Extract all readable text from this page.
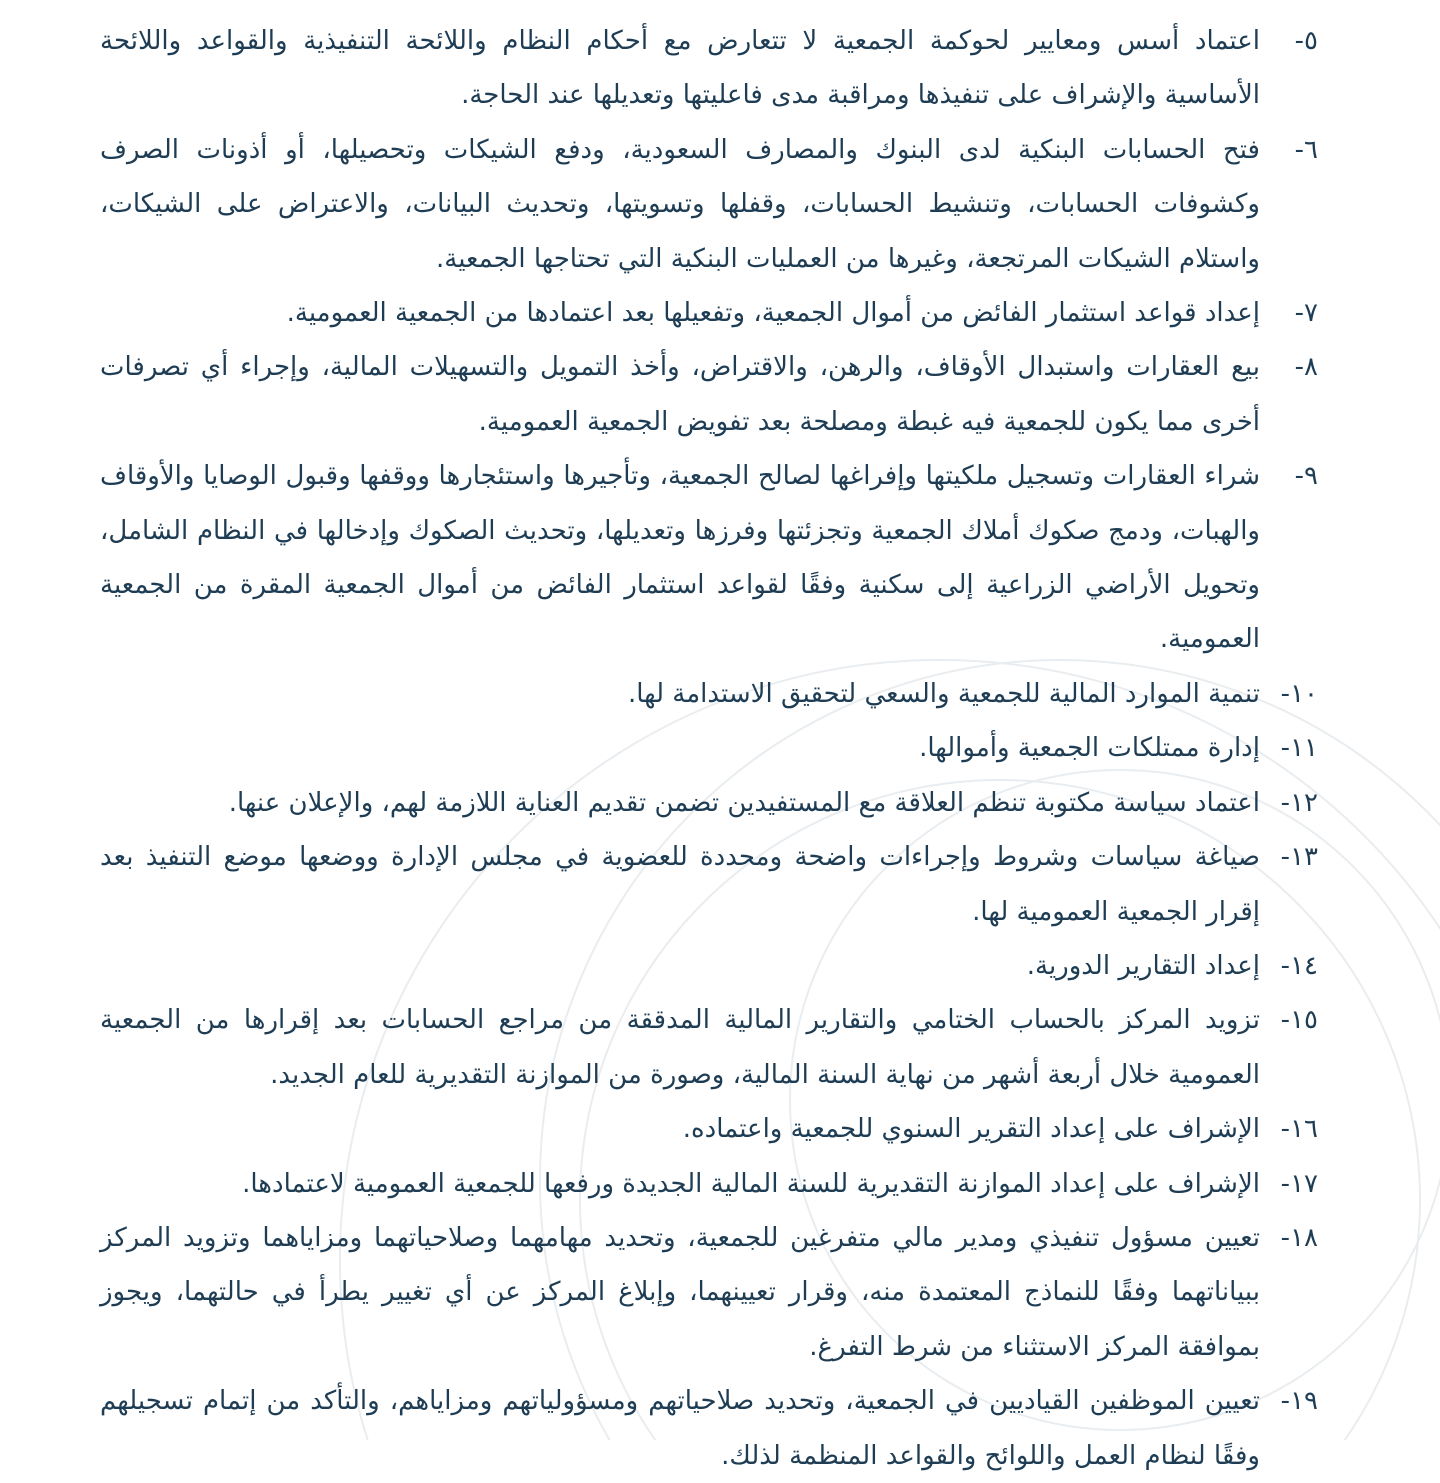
٥-
اعتماد أسس ومعايير لحوكمة الجمعية لا تتعارض مع أحكام النظام واللائحة التنفيذية والقواعد واللائحة الأساسية والإشراف على تنفيذها ومراقبة مدى فاعليتها وتعديلها عند الحاجة.
٦-
فتح الحسابات البنكية لدى البنوك والمصارف السعودية، ودفع الشيكات وتحصيلها، أو أذونات الصرف وكشوفات الحسابات، وتنشيط الحسابات، وقفلها وتسويتها، وتحديث البيانات، والاعتراض على الشيكات، واستلام الشيكات المرتجعة، وغيرها من العمليات البنكية التي تحتاجها الجمعية.
٧-
إعداد قواعد استثمار الفائض من أموال الجمعية، وتفعيلها بعد اعتمادها من الجمعية العمومية.
٨-
بيع العقارات واستبدال الأوقاف، والرهن، والاقتراض، وأخذ التمويل والتسهيلات المالية، وإجراء أي تصرفات أخرى مما يكون للجمعية فيه غبطة ومصلحة بعد تفويض الجمعية العمومية.
٩-
شراء العقارات وتسجيل ملكيتها وإفراغها لصالح الجمعية، وتأجيرها واستئجارها ووقفها وقبول الوصايا والأوقاف والهبات، ودمج صكوك أملاك الجمعية وتجزئتها وفرزها وتعديلها، وتحديث الصكوك وإدخالها في النظام الشامل، وتحويل الأراضي الزراعية إلى سكنية وفقًا لقواعد استثمار الفائض من أموال الجمعية المقرة من الجمعية العمومية.
١٠-
تنمية الموارد المالية للجمعية والسعي لتحقيق الاستدامة لها.
١١-
إدارة ممتلكات الجمعية وأموالها.
١٢-
اعتماد سياسة مكتوبة تنظم العلاقة مع المستفيدين تضمن تقديم العناية اللازمة لهم، والإعلان عنها.
١٣-
صياغة سياسات وشروط وإجراءات واضحة ومحددة للعضوية في مجلس الإدارة ووضعها موضع التنفيذ بعد إقرار الجمعية العمومية لها.
١٤-
إعداد التقارير الدورية.
١٥-
تزويد المركز بالحساب الختامي والتقارير المالية المدققة من مراجع الحسابات بعد إقرارها من الجمعية العمومية خلال أربعة أشهر من نهاية السنة المالية، وصورة من الموازنة التقديرية للعام الجديد.
١٦-
الإشراف على إعداد التقرير السنوي للجمعية واعتماده.
١٧-
الإشراف على إعداد الموازنة التقديرية للسنة المالية الجديدة ورفعها للجمعية العمومية لاعتمادها.
١٨-
تعيين مسؤول تنفيذي ومدير مالي متفرغين للجمعية، وتحديد مهامهما وصلاحياتهما ومزاياهما وتزويد المركز ببياناتهما وفقًا للنماذج المعتمدة منه، وقرار تعيينهما، وإبلاغ المركز عن أي تغيير يطرأ في حالتهما، ويجوز بموافقة المركز الاستثناء من شرط التفرغ.
١٩-
تعيين الموظفين القياديين في الجمعية، وتحديد صلاحياتهم ومسؤولياتهم ومزاياهم، والتأكد من إتمام تسجيلهم وفقًا لنظام العمل واللوائح والقواعد المنظمة لذلك.
